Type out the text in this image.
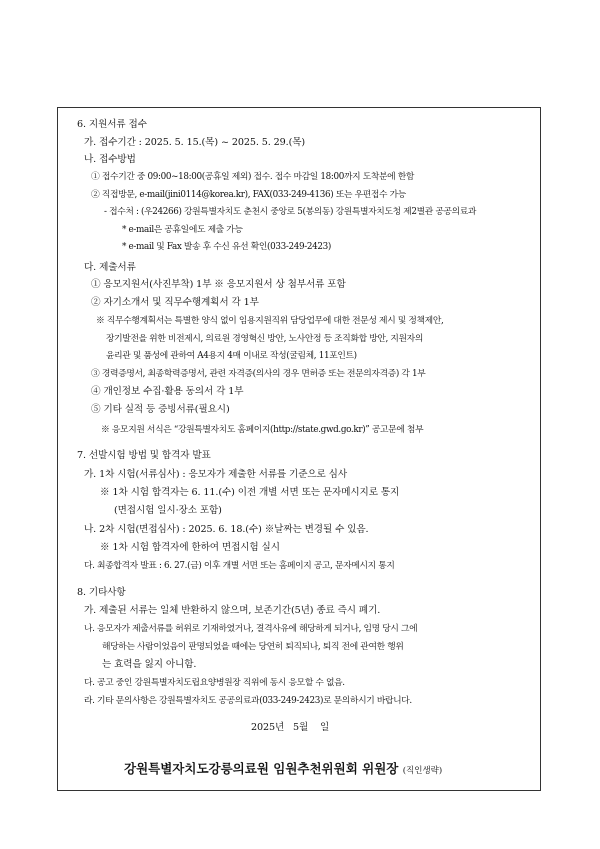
6. 지원서류 접수
가. 접수기간 : 2025. 5. 15.(목) ~ 2025. 5. 29.(목)
나. 접수방법
① 접수기간 중 09:00~18:00(공휴일 제외) 접수. 접수 마감일 18:00까지 도착분에 한함
② 직접방문, e-mail(jini0114@korea.kr), FAX(033-249-4136) 또는 우편접수 가능
- 접수처 : (우24266) 강원특별자치도 춘천시 중앙로 5(봉의동) 강원특별자치도청 제2별관 공공의료과
* e-mail은 공휴일에도 제출 가능
* e-mail 및 Fax 발송 후 수신 유선 확인(033-249-2423)
다. 제출서류
① 응모지원서(사진부착) 1부 ※ 응모지원서 상 첨부서류 포함
② 자기소개서 및 직무수행계획서 각 1부
※ 직무수행계획서는 특별한 양식 없이 임용지원직위 담당업무에 대한 전문성 제시 및 정책제안,
장기발전을 위한 비전제시, 의료원 경영혁신 방안, 노사안정 등 조직화합 방안, 지원자의
윤리관 및 품성에 관하여 A4용지 4매 이내로 작성(굴림체, 11포인트)
③ 경력증명서, 최종학력증명서, 관련 자격증(의사의 경우 면허증 또는 전문의자격증) 각 1부
④ 개인정보 수집·활용 동의서 각 1부
⑤ 기타 실적 등 증빙서류(필요시)
※ 응모지원 서식은 “강원특별자치도 홈페이지(http://state.gwd.go.kr)” 공고문에 첨부
7. 선발시험 방법 및 합격자 발표
가. 1차 시험(서류심사) : 응모자가 제출한 서류를 기준으로 심사
※ 1차 시험 합격자는 6. 11.(수) 이전 개별 서면 또는 문자메시지로 통지
(면접시험 일시·장소 포함)
나. 2차 시험(면접심사) : 2025. 6. 18.(수) ※날짜는 변경될 수 있음.
※ 1차 시험 합격자에 한하여 면접시험 실시
다. 최종합격자 발표 : 6. 27.(금) 이후 개별 서면 또는 홈페이지 공고, 문자메시지 통지
8. 기타사항
가. 제출된 서류는 일체 반환하지 않으며, 보존기간(5년) 종료 즉시 폐기.
나. 응모자가 제출서류를 허위로 기재하였거나, 결격사유에 해당하게 되거나, 임명 당시 그에
해당하는 사람이었음이 판명되었을 때에는 당연히 퇴직되나, 퇴직 전에 관여한 행위
는 효력을 잃지 아니함.
다. 공고 중인 강원특별자치도립요양병원장 직위에 동시 응모할 수 없음.
라. 기타 문의사항은 강원특별자치도 공공의료과(033-249-2423)로 문의하시기 바랍니다.
2025년   5월    일
강원특별자치도강릉의료원 임원추천위원회 위원장 (직인생략)
